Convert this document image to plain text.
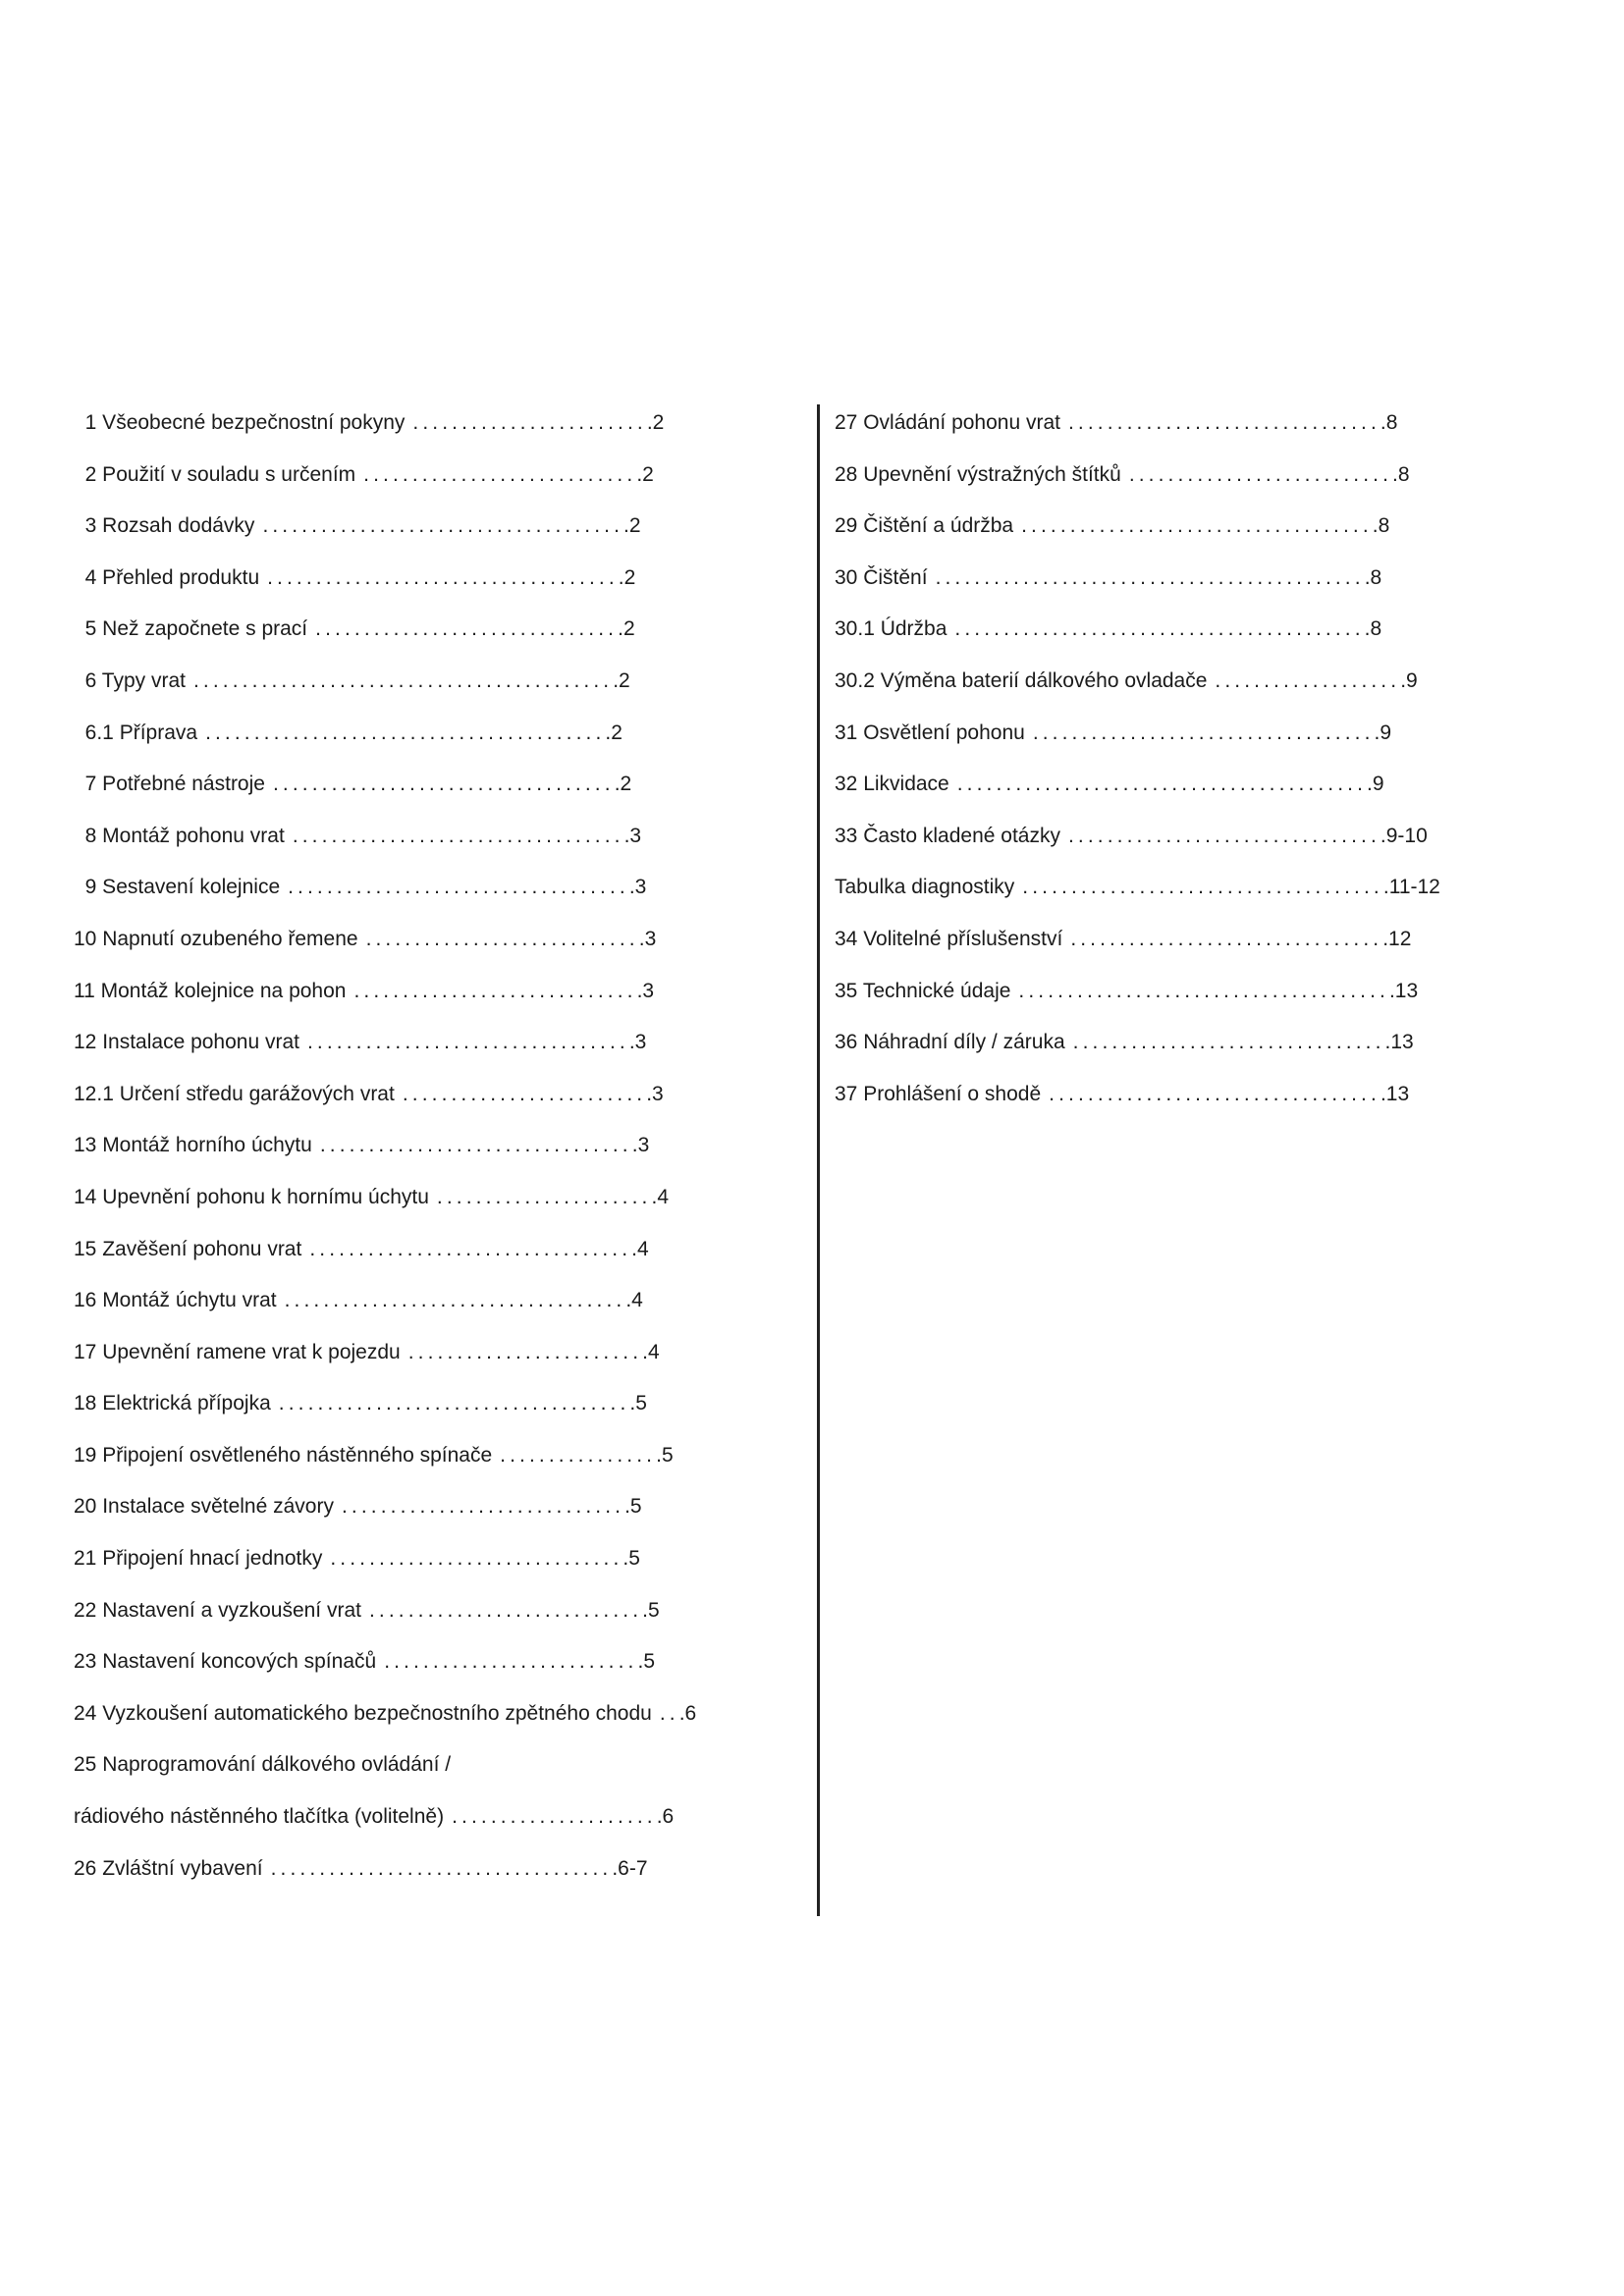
1 Všeobecné bezpečnostní pokyny ........................ .2
2 Použití v souladu s určením ............................ .2
3 Rozsah dodávky ..................................... .2
4 Přehled produktu .................................... .2
5 Než započnete s prací ............................... .2
6 Typy vrat ........................................... .2
6.1 Příprava ......................................... .2
7 Potřebné nástroje ................................... .2
8 Montáž pohonu vrat .................................. .3
9 Sestavení kolejnice ................................... .3
10 Napnutí ozubeného řemene ............................ .3
11 Montáž kolejnice na pohon ............................. .3
12 Instalace pohonu vrat ................................. .3
12.1 Určení středu garážových vrat ......................... .3
13 Montáž horního úchytu ................................ .3
14 Upevnění pohonu k hornímu úchytu ...................... .4
15 Zavěšení pohonu vrat ................................. .4
16 Montáž úchytu vrat ................................... .4
17 Upevnění ramene vrat k pojezdu ........................ .4
18 Elektrická přípojka .................................... .5
19 Připojení osvětleného nástěnného spínače ................ .5
20 Instalace světelné závory ............................. .5
21 Připojení hnací jednotky .............................. .5
22 Nastavení a vyzkoušení vrat ............................ .5
23 Nastavení koncových spínačů .......................... .5
24 Vyzkoušení automatického bezpečnostního zpětného chodu .. .6
25 Naprogramování dálkového ovládání /
rádiového nástěnného tlačítka (volitelně) ..................... .6
26 Zvláštní vybavení ................................... .6-7
27 Ovládání pohonu vrat ................................ .8
28 Upevnění výstražných štítků ........................... .8
29 Čištění a údržba .................................... .8
30 Čištění ............................................ .8
30.1 Údržba .......................................... .8
30.2 Výměna baterií dálkového ovladače ................... .9
31 Osvětlení pohonu ................................... .9
32 Likvidace .......................................... .9
33 Často kladené otázky ................................ .9-10
Tabulka diagnostiky ..................................... .11-12
34 Volitelné příslušenství ................................ .12
35 Technické údaje ...................................... .13
36 Náhradní díly / záruka ................................ .13
37 Prohlášení o shodě .................................. .13
